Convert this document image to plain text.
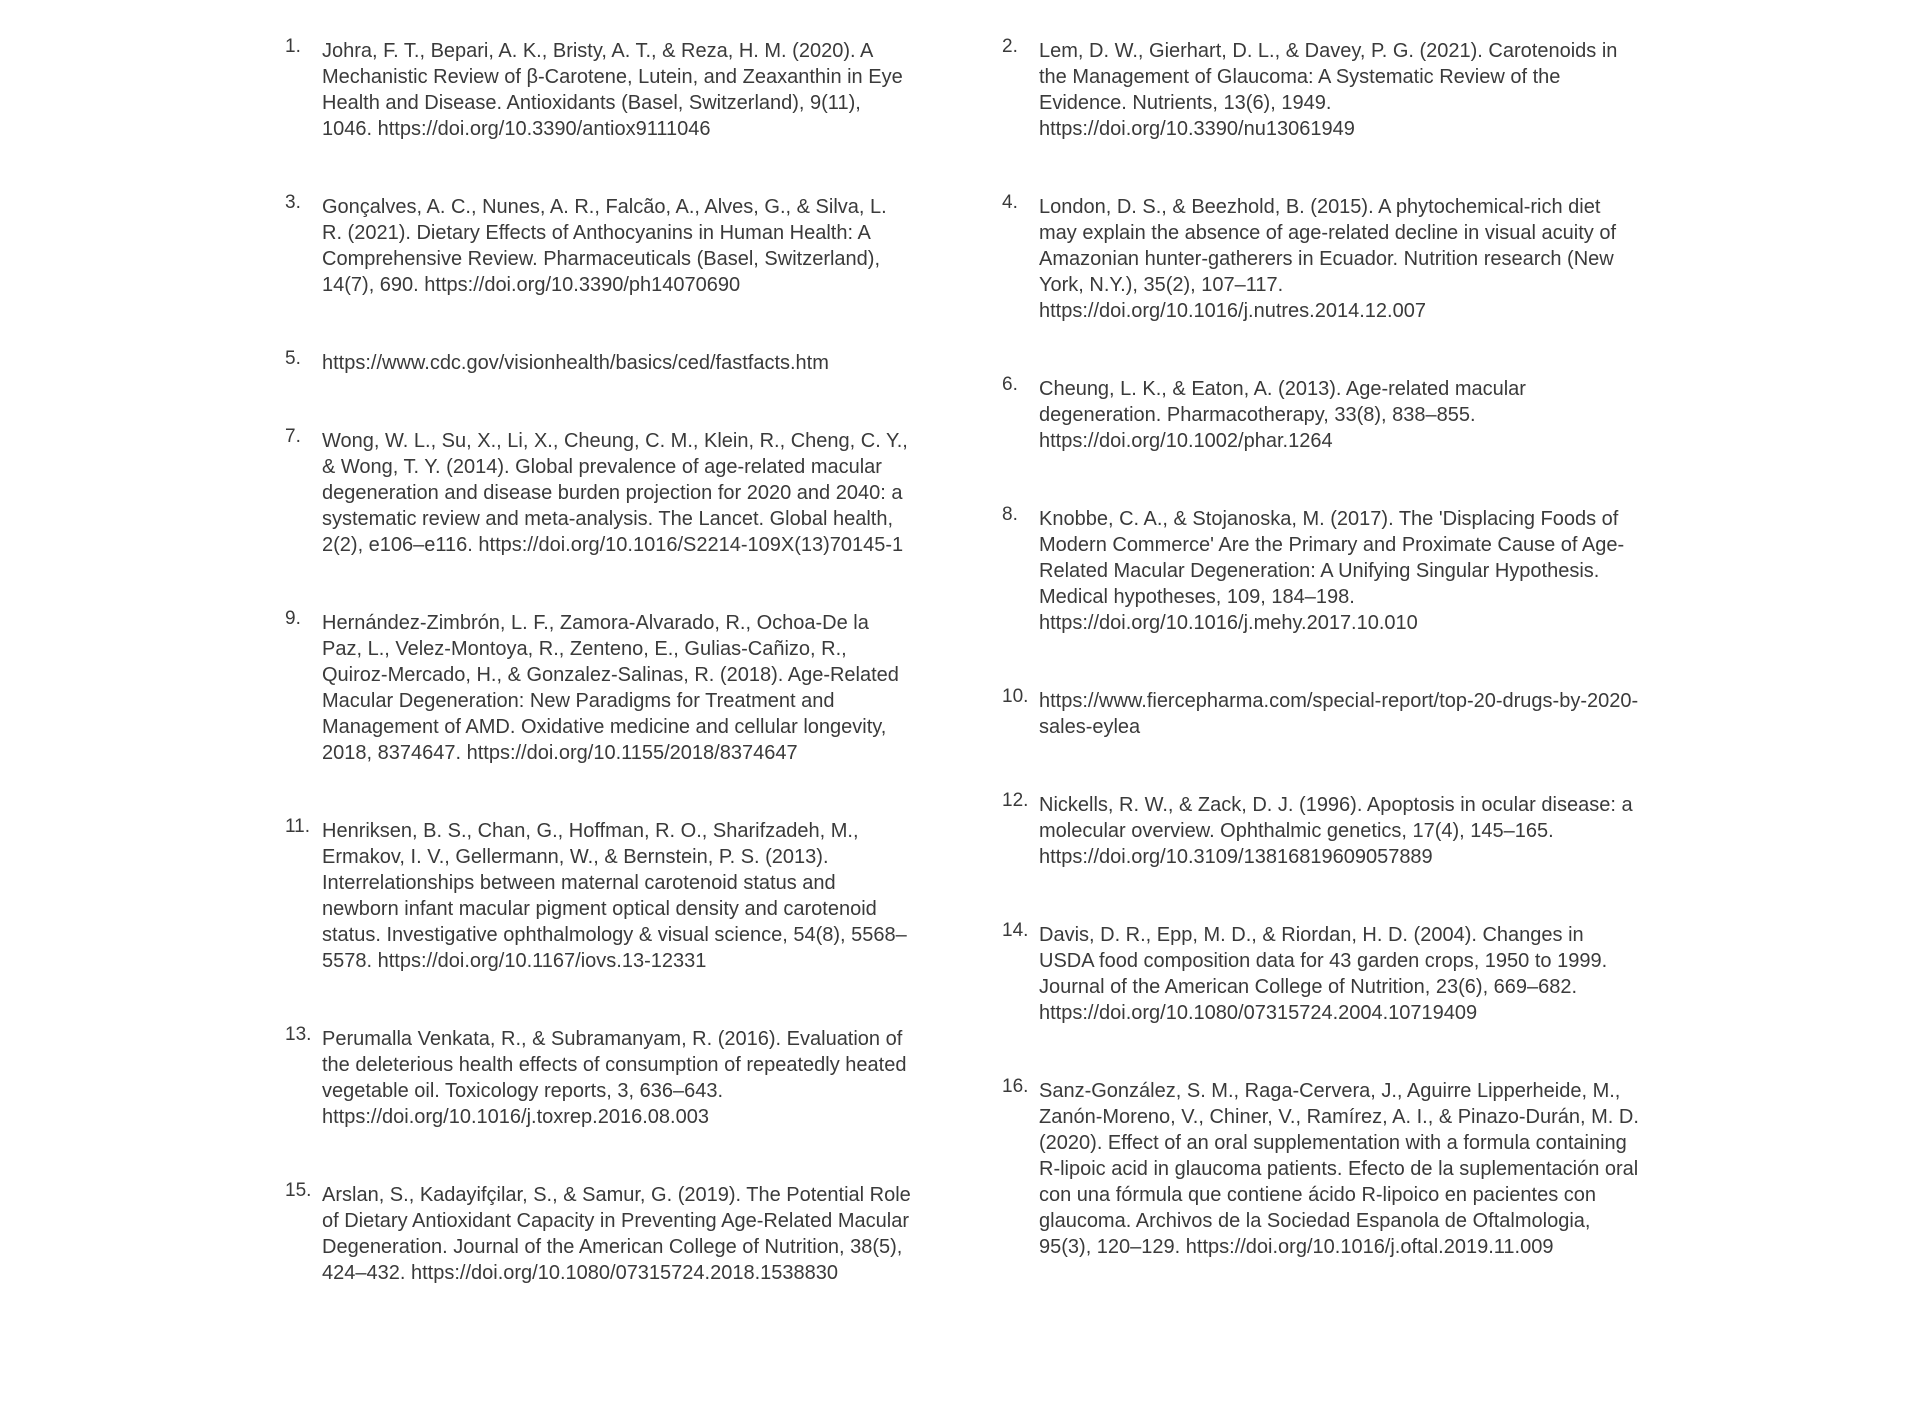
1. Johra, F. T., Bepari, A. K., Bristy, A. T., & Reza, H. M. (2020). A Mechanistic Review of β-Carotene, Lutein, and Zeaxanthin in Eye Health and Disease. Antioxidants (Basel, Switzerland), 9(11), 1046. https://doi.org/10.3390/antiox9111046
3. Gonçalves, A. C., Nunes, A. R., Falcão, A., Alves, G., & Silva, L. R. (2021). Dietary Effects of Anthocyanins in Human Health: A Comprehensive Review. Pharmaceuticals (Basel, Switzerland), 14(7), 690. https://doi.org/10.3390/ph14070690
5. https://www.cdc.gov/visionhealth/basics/ced/fastfacts.htm
7. Wong, W. L., Su, X., Li, X., Cheung, C. M., Klein, R., Cheng, C. Y., & Wong, T. Y. (2014). Global prevalence of age-related macular degeneration and disease burden projection for 2020 and 2040: a systematic review and meta-analysis. The Lancet. Global health, 2(2), e106–e116. https://doi.org/10.1016/S2214-109X(13)70145-1
9. Hernández-Zimbrón, L. F., Zamora-Alvarado, R., Ochoa-De la Paz, L., Velez-Montoya, R., Zenteno, E., Gulias-Cañizo, R., Quiroz-Mercado, H., & Gonzalez-Salinas, R. (2018). Age-Related Macular Degeneration: New Paradigms for Treatment and Management of AMD. Oxidative medicine and cellular longevity, 2018, 8374647. https://doi.org/10.1155/2018/8374647
11. Henriksen, B. S., Chan, G., Hoffman, R. O., Sharifzadeh, M., Ermakov, I. V., Gellermann, W., & Bernstein, P. S. (2013). Interrelationships between maternal carotenoid status and newborn infant macular pigment optical density and carotenoid status. Investigative ophthalmology & visual science, 54(8), 5568–5578. https://doi.org/10.1167/iovs.13-12331
13. Perumalla Venkata, R., & Subramanyam, R. (2016). Evaluation of the deleterious health effects of consumption of repeatedly heated vegetable oil. Toxicology reports, 3, 636–643. https://doi.org/10.1016/j.toxrep.2016.08.003
15. Arslan, S., Kadayifçilar, S., & Samur, G. (2019). The Potential Role of Dietary Antioxidant Capacity in Preventing Age-Related Macular Degeneration. Journal of the American College of Nutrition, 38(5), 424–432. https://doi.org/10.1080/07315724.2018.1538830
2. Lem, D. W., Gierhart, D. L., & Davey, P. G. (2021). Carotenoids in the Management of Glaucoma: A Systematic Review of the Evidence. Nutrients, 13(6), 1949. https://doi.org/10.3390/nu13061949
4. London, D. S., & Beezhold, B. (2015). A phytochemical-rich diet may explain the absence of age-related decline in visual acuity of Amazonian hunter-gatherers in Ecuador. Nutrition research (New York, N.Y.), 35(2), 107–117. https://doi.org/10.1016/j.nutres.2014.12.007
6. Cheung, L. K., & Eaton, A. (2013). Age-related macular degeneration. Pharmacotherapy, 33(8), 838–855. https://doi.org/10.1002/phar.1264
8. Knobbe, C. A., & Stojanoska, M. (2017). The 'Displacing Foods of Modern Commerce' Are the Primary and Proximate Cause of Age-Related Macular Degeneration: A Unifying Singular Hypothesis. Medical hypotheses, 109, 184–198. https://doi.org/10.1016/j.mehy.2017.10.010
10. https://www.fiercepharma.com/special-report/top-20-drugs-by-2020-sales-eylea
12. Nickells, R. W., & Zack, D. J. (1996). Apoptosis in ocular disease: a molecular overview. Ophthalmic genetics, 17(4), 145–165. https://doi.org/10.3109/13816819609057889
14. Davis, D. R., Epp, M. D., & Riordan, H. D. (2004). Changes in USDA food composition data for 43 garden crops, 1950 to 1999. Journal of the American College of Nutrition, 23(6), 669–682. https://doi.org/10.1080/07315724.2004.10719409
16. Sanz-González, S. M., Raga-Cervera, J., Aguirre Lipperheide, M., Zanón-Moreno, V., Chiner, V., Ramírez, A. I., & Pinazo-Durán, M. D. (2020). Effect of an oral supplementation with a formula containing R-lipoic acid in glaucoma patients. Efecto de la suplementación oral con una fórmula que contiene ácido R-lipoico en pacientes con glaucoma. Archivos de la Sociedad Espanola de Oftalmologia, 95(3), 120–129. https://doi.org/10.1016/j.oftal.2019.11.009
